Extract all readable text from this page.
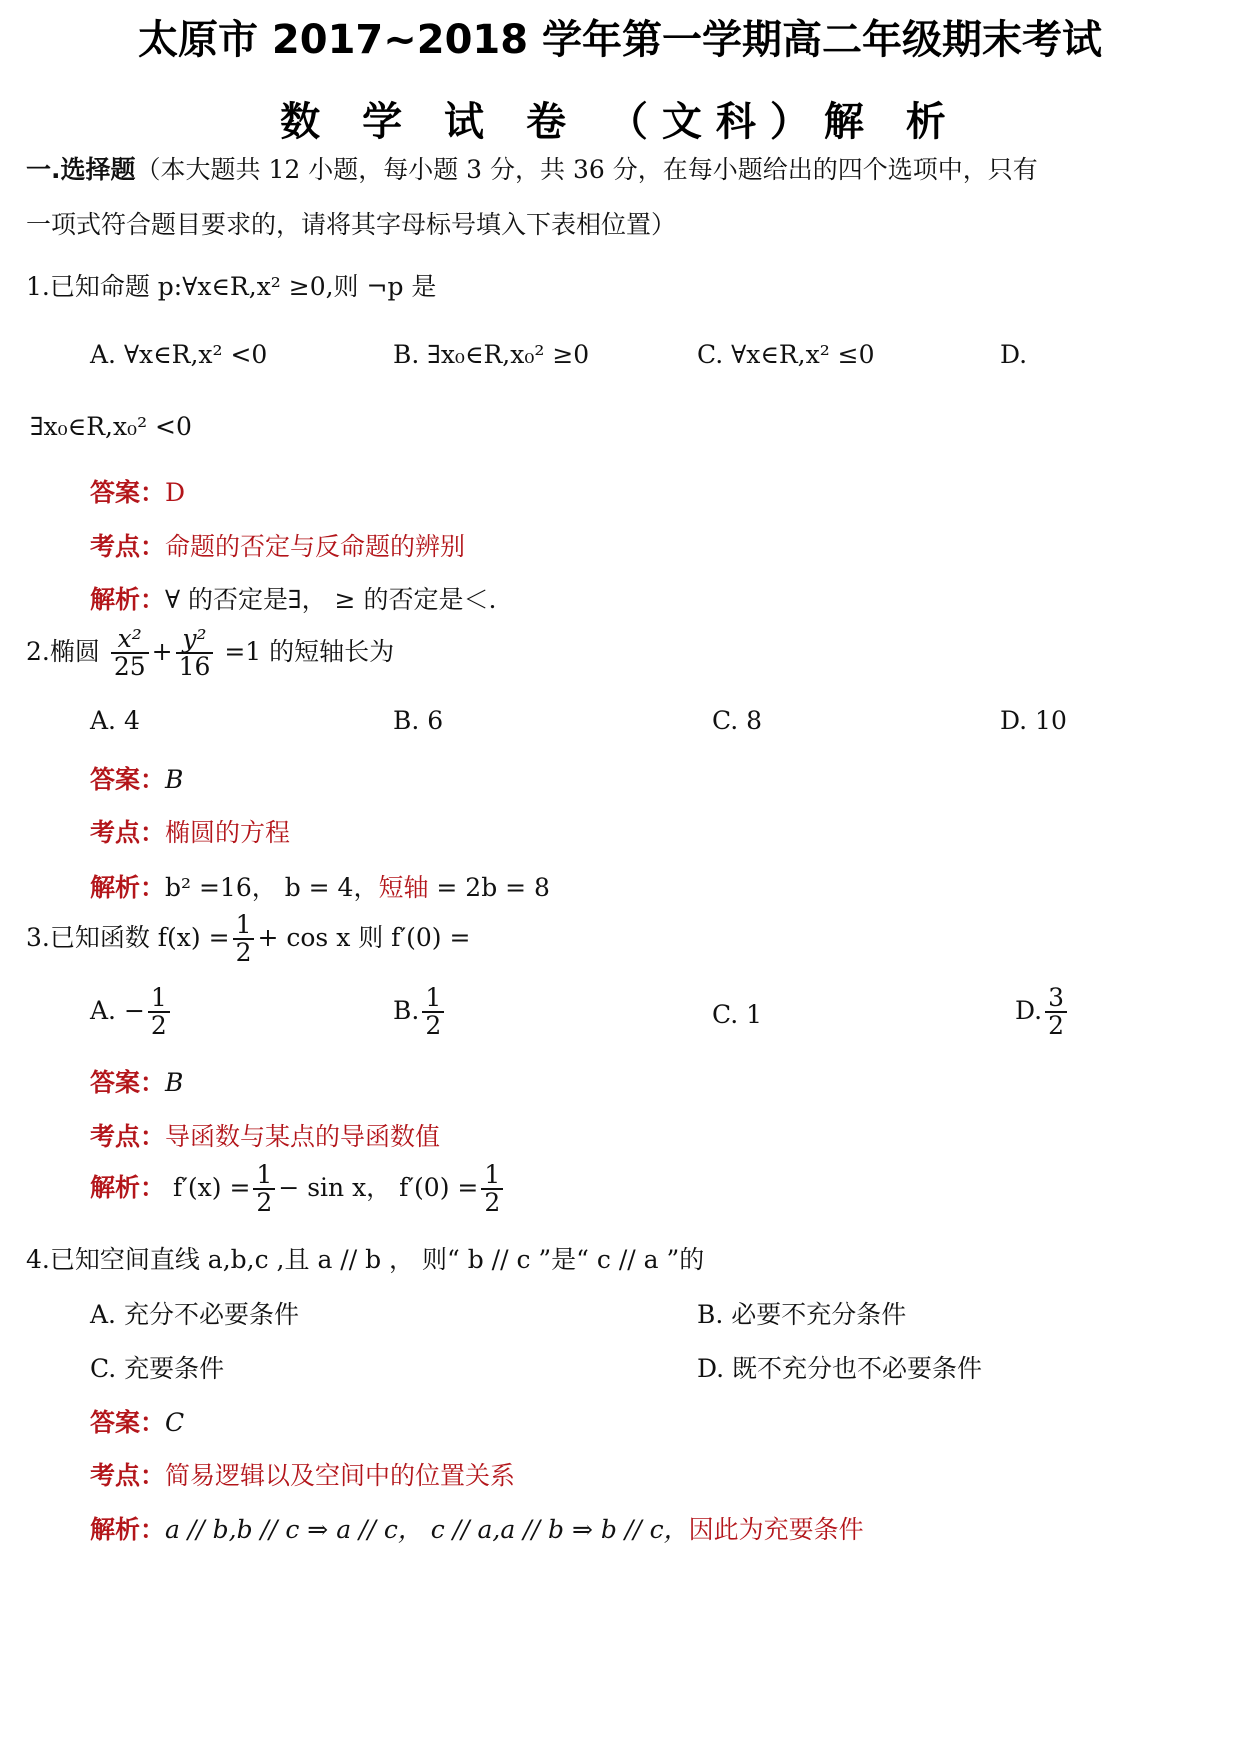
太原市 2017~2018 学年第一学期高二年级期末考试
数 学 试 卷 （文科）解 析
一.选择题（本大题共 12 小题，每小题 3 分，共 36 分，在每小题给出的四个选项中，只有
一项式符合题目要求的，请将其字母标号填入下表相位置）
1.已知命题 p:∀x∈R,x² ≥0,则 ¬p 是
A. ∀x∈R,x² <0	B. ∃x₀∈R,x₀² ≥0	C. ∀x∈R,x² ≤0	D.
∃x₀∈R,x₀² <0
答案：D
考点：命题的否定与反命题的辨别
解析：∀ 的否定是∃， ≥ 的否定是＜.
2.椭圆 $\frac{\text{x²}}{25} + \frac{\text{y²}}{16} =1$ 的短轴长为
A. 4	B. 6	C. 8	D. 10
答案：B
考点：椭圆的方程
解析：b² =16， b = 4，短轴 = 2b = 8
3.已知函数 $f(x) = \frac{1}{2} + \cos x$ 则 f′(0) =
A. − $\frac{1}{2}$	B. $\frac{1}{2}$	C. 1	D. $\frac{3}{2}$
答案：B
考点：导函数与某点的导函数值
解析： $f'(x) = \frac{1}{2} - \sin x$， $f'(0) = \frac{1}{2}$
4.已知空间直线 a,b,c ,且 a // b ， 则“ b // c ”是“ c // a ”的
A. 充分不必要条件	B. 必要不充分条件
C. 充要条件	D. 既不充分也不必要条件
答案：C
考点：简易逻辑以及空间中的位置关系
解析：a // b,b // c ⇒ a // c， c // a,a // b ⇒ b // c，因此为充要条件
